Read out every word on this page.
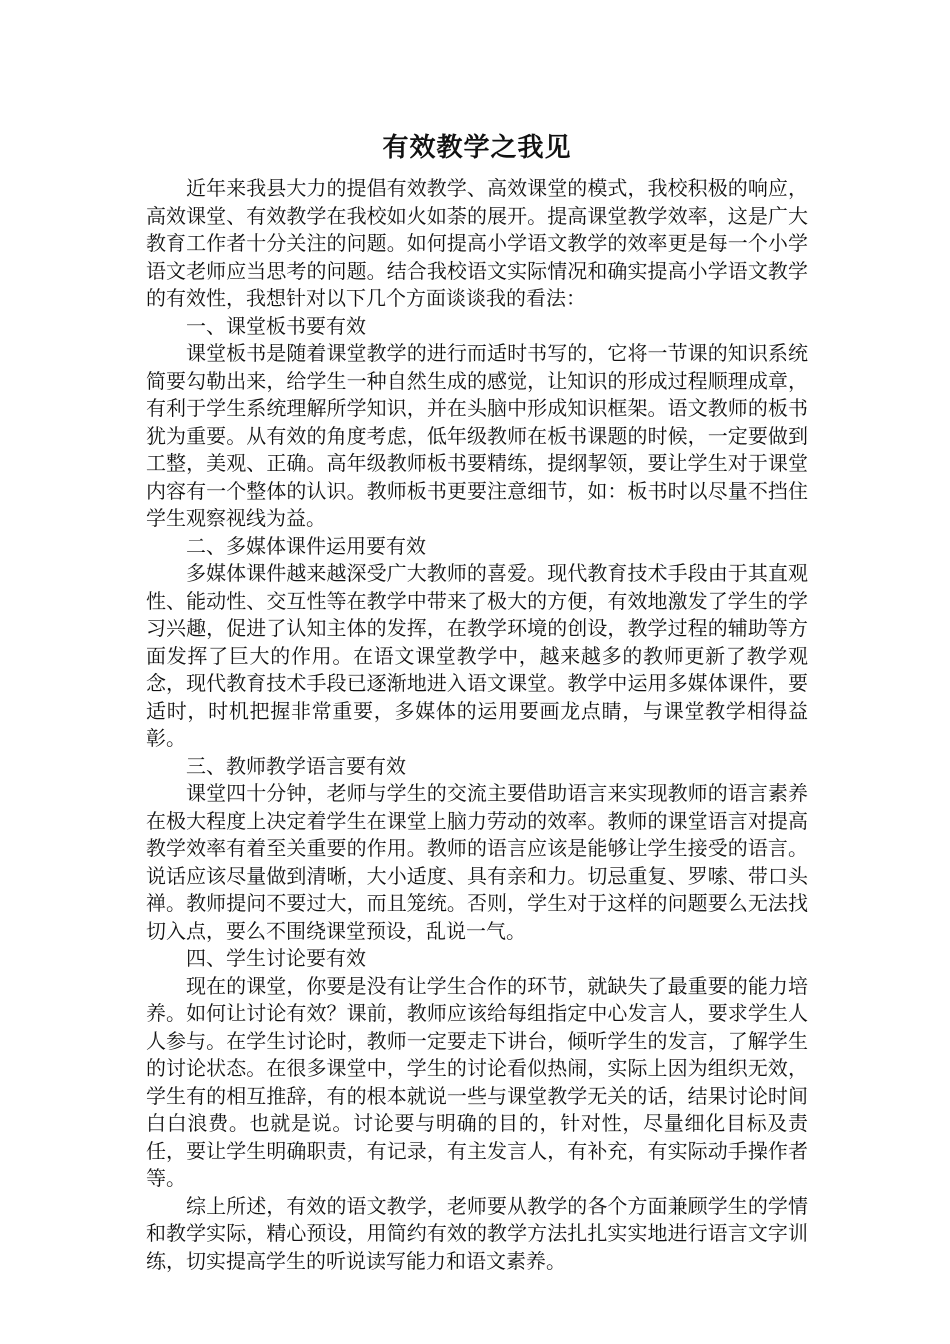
有效教学之我见

近年来我县大力的提倡有效教学、高效课堂的模式，我校积极的响应，高效课堂、有效教学在我校如火如荼的展开。提高课堂教学效率，这是广大教育工作者十分关注的问题。如何提高小学语文教学的效率更是每一个小学语文老师应当思考的问题。结合我校语文实际情况和确实提高小学语文教学的有效性，我想针对以下几个方面谈谈我的看法：

一、课堂板书要有效

课堂板书是随着课堂教学的进行而适时书写的，它将一节课的知识系统简要勾勒出来，给学生一种自然生成的感觉，让知识的形成过程顺理成章，有利于学生系统理解所学知识，并在头脑中形成知识框架。语文教师的板书犹为重要。从有效的角度考虑，低年级教师在板书课题的时候，一定要做到工整，美观、正确。高年级教师板书要精练，提纲挈领，要让学生对于课堂内容有一个整体的认识。教师板书更要注意细节，如：板书时以尽量不挡住学生观察视线为益。

二、多媒体课件运用要有效

多媒体课件越来越深受广大教师的喜爱。现代教育技术手段由于其直观性、能动性、交互性等在教学中带来了极大的方便，有效地激发了学生的学习兴趣，促进了认知主体的发挥，在教学环境的创设，教学过程的辅助等方面发挥了巨大的作用。在语文课堂教学中，越来越多的教师更新了教学观念，现代教育技术手段已逐渐地进入语文课堂。教学中运用多媒体课件，要适时，时机把握非常重要，多媒体的运用要画龙点睛，与课堂教学相得益彰。

三、教师教学语言要有效

课堂四十分钟，老师与学生的交流主要借助语言来实现教师的语言素养在极大程度上决定着学生在课堂上脑力劳动的效率。教师的课堂语言对提高教学效率有着至关重要的作用。教师的语言应该是能够让学生接受的语言。说话应该尽量做到清晰，大小适度、具有亲和力。切忌重复、罗嗦、带口头禅。教师提问不要过大，而且笼统。否则，学生对于这样的问题要么无法找切入点，要么不围绕课堂预设，乱说一气。

四、学生讨论要有效

现在的课堂，你要是没有让学生合作的环节，就缺失了最重要的能力培养。如何让讨论有效？课前，教师应该给每组指定中心发言人，要求学生人人参与。在学生讨论时，教师一定要走下讲台，倾听学生的发言，了解学生的讨论状态。在很多课堂中，学生的讨论看似热闹，实际上因为组织无效，学生有的相互推辞，有的根本就说一些与课堂教学无关的话，结果讨论时间白白浪费。也就是说。讨论要与明确的目的，针对性，尽量细化目标及责任，要让学生明确职责，有记录，有主发言人，有补充，有实际动手操作者等。

综上所述，有效的语文教学，老师要从教学的各个方面兼顾学生的学情和教学实际，精心预设，用简约有效的教学方法扎扎实实地进行语言文字训练，切实提高学生的听说读写能力和语文素养。
